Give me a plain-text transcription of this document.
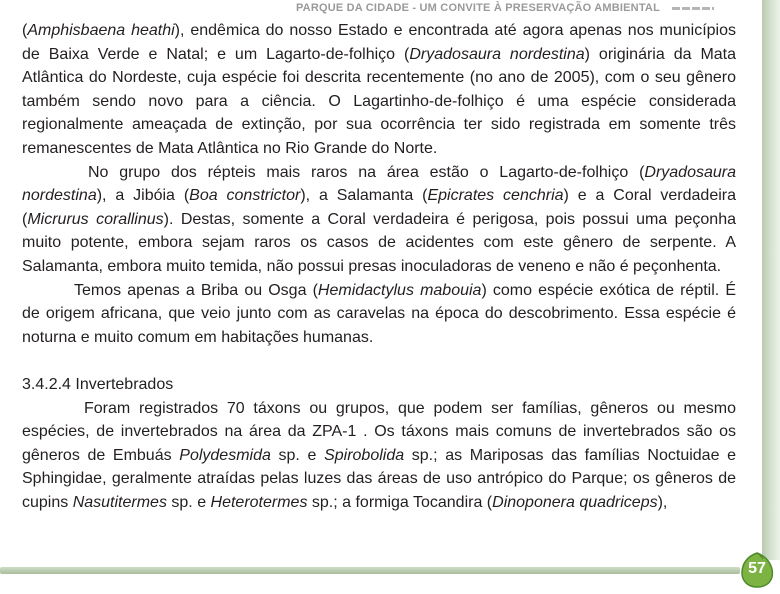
PARQUE DA CIDADE - UM CONVITE À PRESERVAÇÃO AMBIENTAL

(Amphisbaena heathi), endêmica do nosso Estado e encontrada até agora apenas nos municípios de Baixa Verde e Natal; e um Lagarto-de-folhiço (Dryadosaura nordestina) originária da Mata Atlântica do Nordeste, cuja espécie foi descrita recentemente (no ano de 2005), com o seu gênero também sendo novo para a ciência. O Lagartinho-de-folhiço é uma espécie considerada regionalmente ameaçada de extinção, por sua ocorrência ter sido registrada em somente três remanescentes de Mata Atlântica no Rio Grande do Norte.

No grupo dos répteis mais raros na área estão o Lagarto-de-folhiço (Dryadosaura nordestina), a Jibóia (Boa constrictor), a Salamanta (Epicrates cenchria) e a Coral verdadeira (Micrurus corallinus). Destas, somente a Coral verdadeira é perigosa, pois possui uma peçonha muito potente, embora sejam raros os casos de acidentes com este gênero de serpente. A Salamanta, embora muito temida, não possui presas inoculadoras de veneno e não é peçonhenta.

Temos apenas a Briba ou Osga (Hemidactylus mabouia) como espécie exótica de réptil. É de origem africana, que veio junto com as caravelas na época do descobrimento. Essa espécie é noturna e muito comum em habitações humanas.

3.4.2.4 Invertebrados

Foram registrados 70 táxons ou grupos, que podem ser famílias, gêneros ou mesmo espécies, de invertebrados na área da ZPA-1 . Os táxons mais comuns de invertebrados são os gêneros de Embuás Polydesmida sp. e Spirobolida sp.; as Mariposas das famílias Noctuidae e Sphingidae, geralmente atraídas pelas luzes das áreas de uso antrópico do Parque; os gêneros de cupins Nasutitermes sp. e Heterotermes sp.; a formiga Tocandira (Dinoponera quadriceps),

57
